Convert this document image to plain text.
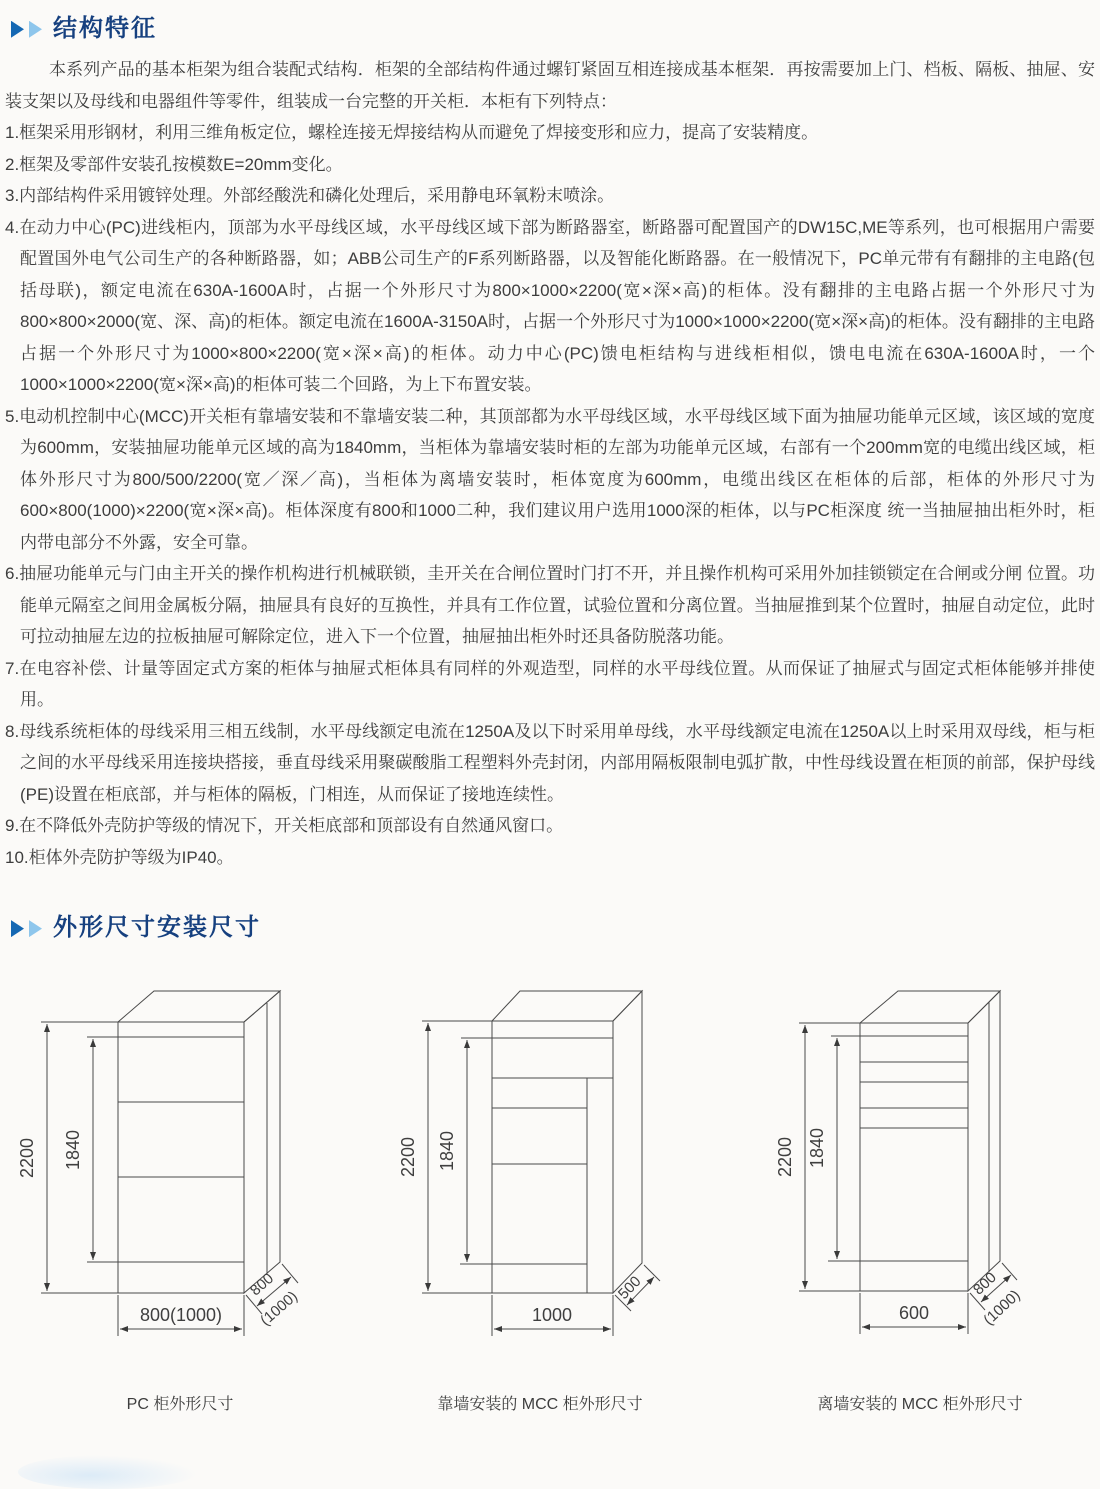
结构特征

本系列产品的基本柜架为组合装配式结构．柜架的全部结构件通过螺钉紧固互相连接成基本框架．再按需要加上门、档板、隔板、抽屉、安装支架以及母线和电器组件等零件，组装成一台完整的开关柜．本柜有下列特点：

1.框架采用形钢材，利用三维角板定位，螺栓连接无焊接结构从而避免了焊接变形和应力，提高了安装精度。

2.框架及零部件安装孔按模数E=20mm变化。

3.内部结构件采用镀锌处理。外部经酸洗和磷化处理后，采用静电环氧粉末喷涂。

4.在动力中心(PC)进线柜内，顶部为水平母线区域，水平母线区域下部为断路器室，断路器可配置国产的DW15C,ME等系列，也可根据用户需要配置国外电气公司生产的各种断路器，如；ABB公司生产的F系列断路器，以及智能化断路器。在一般情况下，PC单元带有有翻排的主电路(包括母联)，额定电流在630A-1600A时，占据一个外形尺寸为800×1000×2200(宽×深×高)的柜体。没有翻排的主电路占据一个外形尺寸为800×800×2000(宽、深、高)的柜体。额定电流在1600A-3150A时，占据一个外形尺寸为1000×1000×2200(宽×深×高)的柜体。没有翻排的主电路占据一个外形尺寸为1000×800×2200(宽×深×高)的柜体。动力中心(PC)馈电柜结构与进线柜相似，馈电电流在630A-1600A时，一个1000×1000×2200(宽×深×高)的柜体可装二个回路，为上下布置安装。

5.电动机控制中心(MCC)开关柜有靠墙安装和不靠墙安装二种，其顶部都为水平母线区域，水平母线区域下面为抽屉功能单元区域，该区域的宽度为600mm，安装抽屉功能单元区域的高为1840mm，当柜体为靠墙安装时柜的左部为功能单元区域，右部有一个200mm宽的电缆出线区域，柜体外形尺寸为800/500/2200(宽／深／高)，当柜体为离墙安装时，柜体宽度为600mm，电缆出线区在柜体的后部，柜体的外形尺寸为600×800(1000)×2200(宽×深×高)。柜体深度有800和1000二种，我们建议用户选用1000深的柜体，以与PC柜深度 统一当抽屉抽出柜外时，柜内带电部分不外露，安全可靠。

6.抽屉功能单元与门由主开关的操作机构进行机械联锁，圭开关在合闸位置时门打不开，并且操作机构可采用外加挂锁锁定在合闸或分闸 位置。功能单元隔室之间用金属板分隔，抽屉具有良好的互换性，并具有工作位置，试验位置和分离位置。当抽屉推到某个位置时，抽屉自动定位，此时可拉动抽屉左边的拉板抽屉可解除定位，进入下一个位置，抽屉抽出柜外时还具备防脱落功能。

7.在电容补偿、计量等固定式方案的柜体与抽屉式柜体具有同样的外观造型，同样的水平母线位置。从而保证了抽屉式与固定式柜体能够并排使用。

8.母线系统柜体的母线采用三相五线制，水平母线额定电流在1250A及以下时采用单母线，水平母线额定电流在1250A以上时采用双母线，柜与柜之间的水平母线采用连接块搭接，垂直母线采用聚碳酸脂工程塑料外壳封闭，内部用隔板限制电弧扩散，中性母线设置在柜顶的前部，保护母线(PE)设置在柜底部，并与柜体的隔板，门相连，从而保证了接地连续性。

9.在不降低外壳防护等级的情况下，开关柜底部和顶部设有自然通风窗口。

10.柜体外壳防护等级为IP40。

外形尺寸安装尺寸
2200 1840
800(1000)
800
(1000)
PC 柜外形尺寸
2200 1840
1000
500
靠墙安装的 MCC 柜外形尺寸
2200 1840
600
800
(1000)
离墙安装的 MCC 柜外形尺寸
